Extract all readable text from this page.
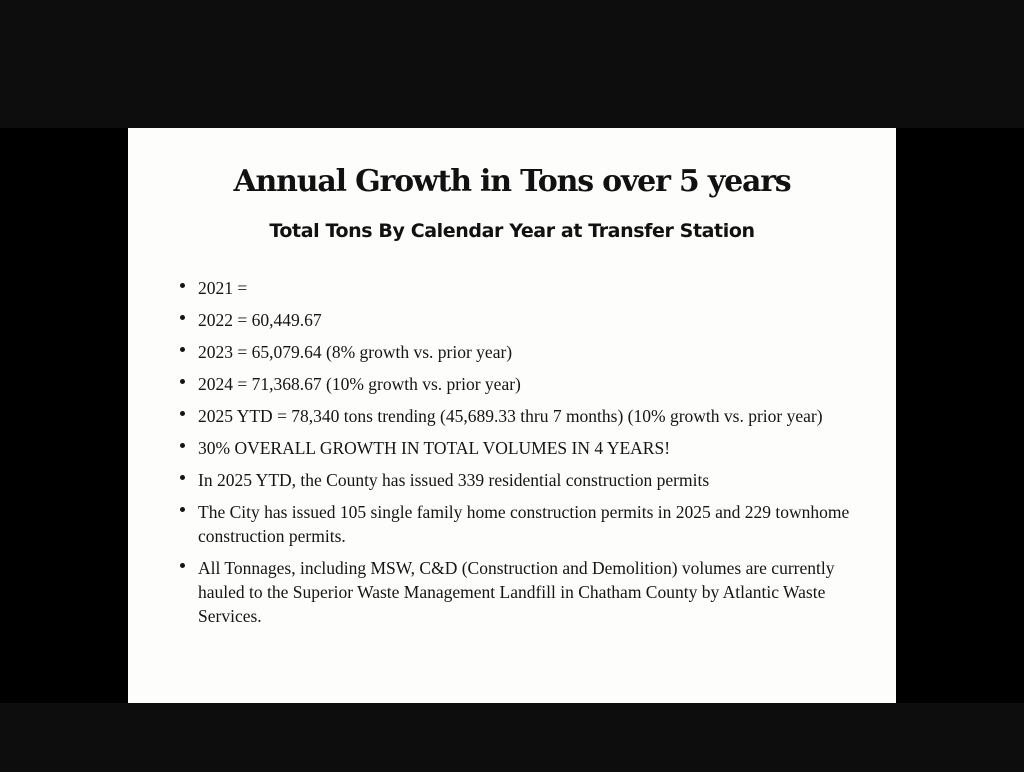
Annual Growth in Tons over 5 years
Total Tons By Calendar Year at Transfer Station
2021 =
2022 = 60,449.67
2023 = 65,079.64 (8% growth vs. prior year)
2024 = 71,368.67 (10% growth vs. prior year)
2025 YTD = 78,340 tons trending (45,689.33 thru 7 months) (10% growth vs. prior year)
30% OVERALL GROWTH IN TOTAL VOLUMES IN 4 YEARS!
In 2025 YTD, the County has issued 339 residential construction permits
The City has issued 105 single family home construction permits in 2025 and 229 townhome construction permits.
All Tonnages, including MSW, C&D (Construction and Demolition) volumes are currently hauled to the Superior Waste Management Landfill in Chatham County by Atlantic Waste Services.
